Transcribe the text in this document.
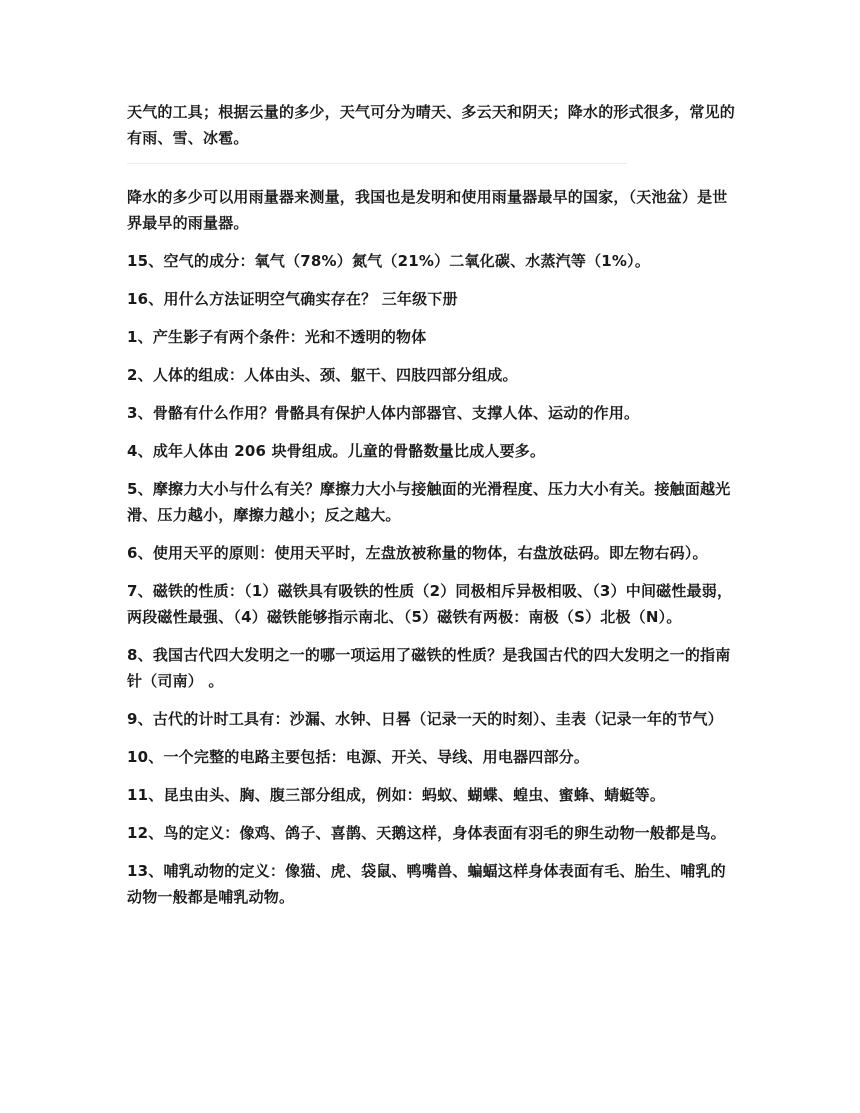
天气的工具；根据云量的多少，天气可分为晴天、多云天和阴天；降水的形式很多，常见的有雨、雪、冰雹。

降水的多少可以用雨量器来测量，我国也是发明和使用雨量器最早的国家，（天池盆）是世界最早的雨量器。

15、空气的成分：氧气（78%）氮气（21%）二氧化碳、水蒸汽等（1%）。

16、用什么方法证明空气确实存在？ 三年级下册

1、产生影子有两个条件：光和不透明的物体

2、人体的组成：人体由头、颈、躯干、四肢四部分组成。

3、骨骼有什么作用？骨骼具有保护人体内部器官、支撑人体、运动的作用。

4、成年人体由 206 块骨组成。儿童的骨骼数量比成人要多。

5、摩擦力大小与什么有关？摩擦力大小与接触面的光滑程度、压力大小有关。接触面越光滑、压力越小，摩擦力越小；反之越大。

6、使用天平的原则：使用天平时，左盘放被称量的物体，右盘放砝码。即左物右码）。

7、磁铁的性质：（1）磁铁具有吸铁的性质（2）同极相斥异极相吸、（3）中间磁性最弱，两段磁性最强、（4）磁铁能够指示南北、（5）磁铁有两极：南极（S）北极（N）。

8、我国古代四大发明之一的哪一项运用了磁铁的性质？是我国古代的四大发明之一的指南针（司南） 。

9、古代的计时工具有：沙漏、水钟、日晷（记录一天的时刻）、圭表（记录一年的节气）

10、一个完整的电路主要包括：电源、开关、导线、用电器四部分。

11、昆虫由头、胸、腹三部分组成，例如：蚂蚁、蝴蝶、蝗虫、蜜蜂、蜻蜓等。

12、鸟的定义：像鸡、鸽子、喜鹊、天鹅这样，身体表面有羽毛的卵生动物一般都是鸟。

13、哺乳动物的定义：像猫、虎、袋鼠、鸭嘴兽、蝙蝠这样身体表面有毛、胎生、哺乳的动物一般都是哺乳动物。
